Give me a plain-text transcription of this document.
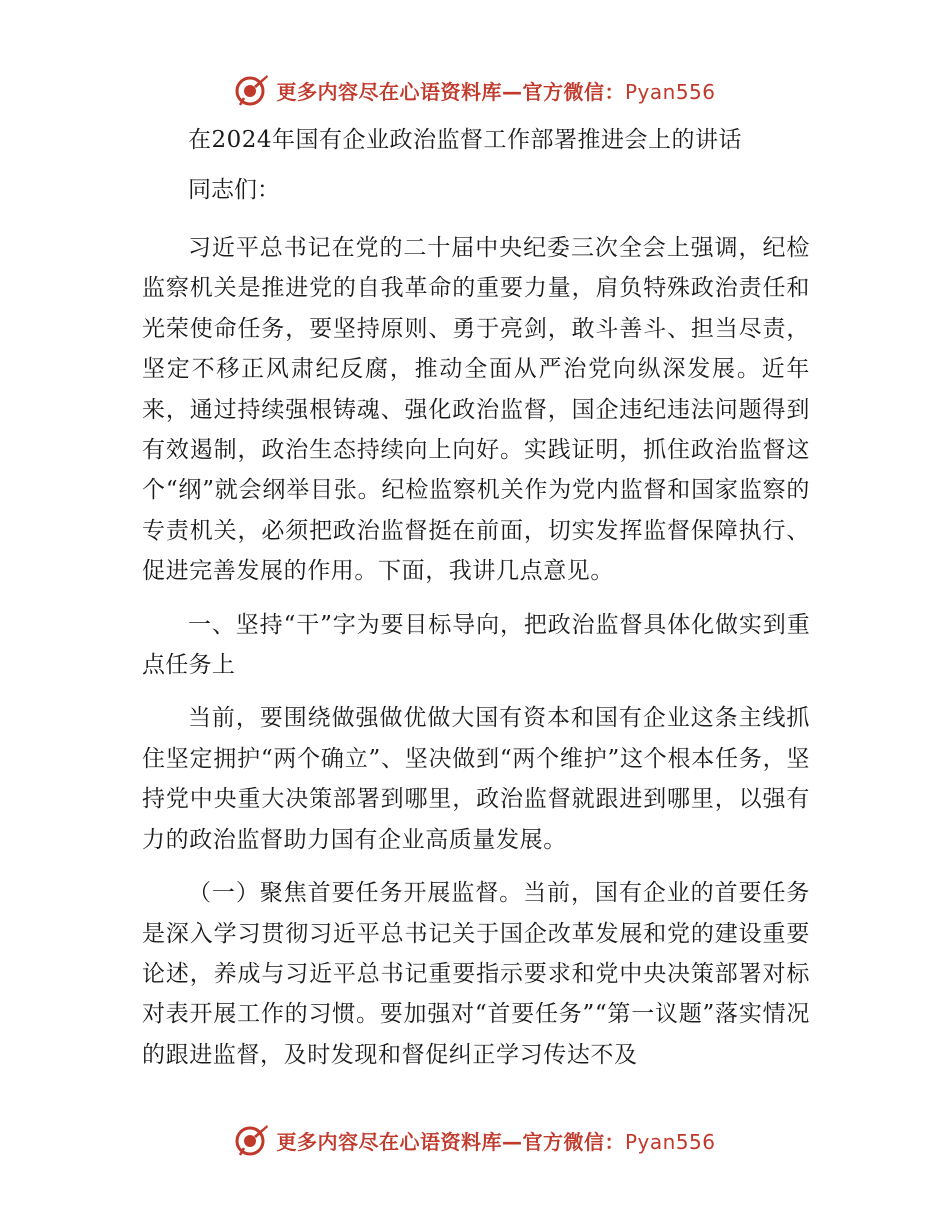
更多内容尽在心语资料库—官方微信：Pyan556
在2024年国有企业政治监督工作部署推进会上的讲话
同志们：

习近平总书记在党的二十届中央纪委三次全会上强调，纪检监察机关是推进党的自我革命的重要力量，肩负特殊政治责任和光荣使命任务，要坚持原则、勇于亮剑，敢斗善斗、担当尽责，坚定不移正风肃纪反腐，推动全面从严治党向纵深发展。近年来，通过持续强根铸魂、强化政治监督，国企违纪违法问题得到有效遏制，政治生态持续向上向好。实践证明，抓住政治监督这个“纲”就会纲举目张。纪检监察机关作为党内监督和国家监察的专责机关，必须把政治监督挺在前面，切实发挥监督保障执行、促进完善发展的作用。下面，我讲几点意见。

一、坚持“干”字为要目标导向，把政治监督具体化做实到重点任务上

当前，要围绕做强做优做大国有资本和国有企业这条主线抓住坚定拥护“两个确立”、坚决做到“两个维护”这个根本任务，坚持党中央重大决策部署到哪里，政治监督就跟进到哪里，以强有力的政治监督助力国有企业高质量发展。

（一）聚焦首要任务开展监督。当前，国有企业的首要任务是深入学习贯彻习近平总书记关于国企改革发展和党的建设重要论述，养成与习近平总书记重要指示要求和党中央决策部署对标对表开展工作的习惯。要加强对“首要任务”“第一议题”落实情况的跟进监督，及时发现和督促纠正学习传达不及

更多内容尽在心语资料库—官方微信：Pyan556
